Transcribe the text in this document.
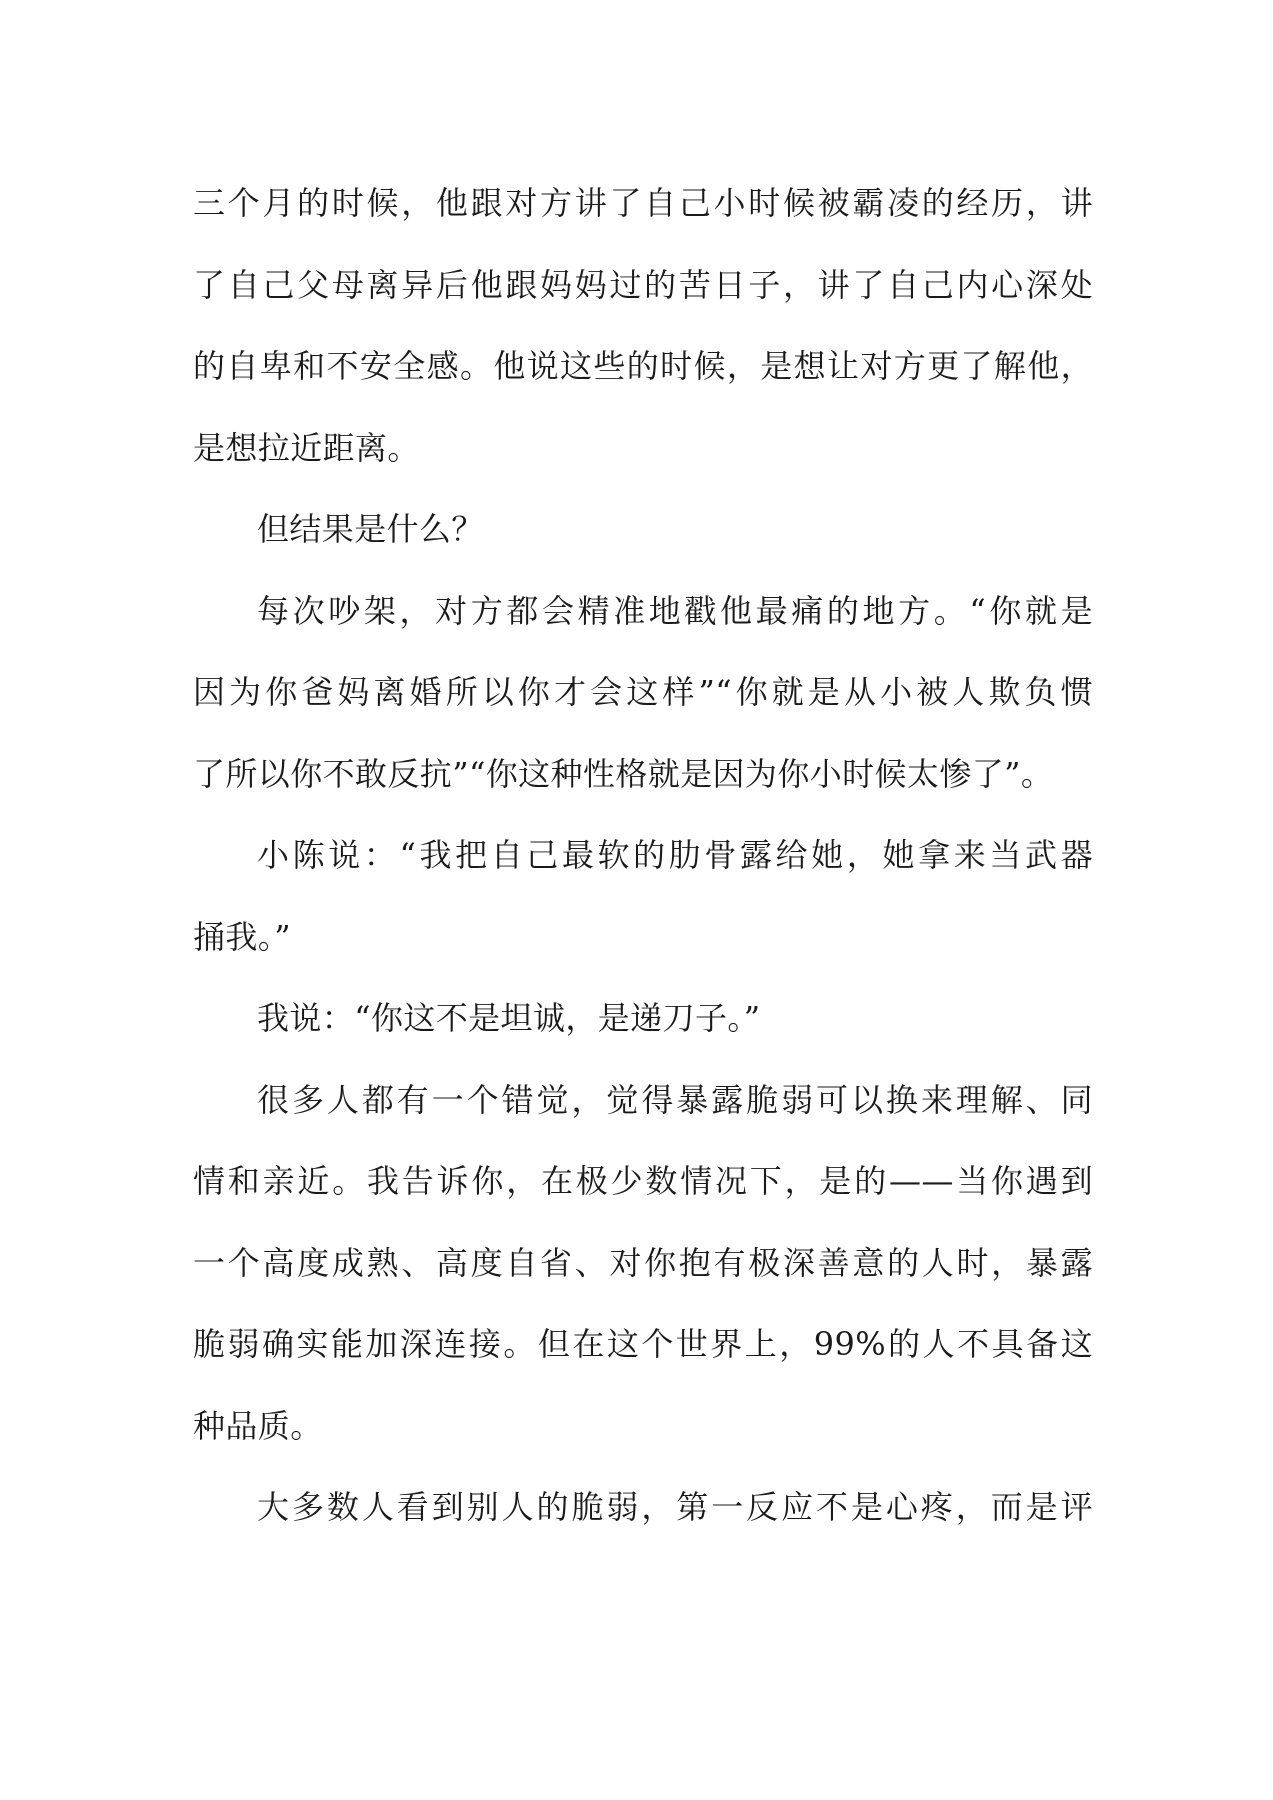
三个月的时候，他跟对方讲了自己小时候被霸凌的经历，讲
了自己父母离异后他跟妈妈过的苦日子，讲了自己内心深处
的自卑和不安全感。他说这些的时候，是想让对方更了解他，
是想拉近距离。
但结果是什么？
每次吵架，对方都会精准地戳他最痛的地方。“你就是
因为你爸妈离婚所以你才会这样”“你就是从小被人欺负惯
了所以你不敢反抗”“你这种性格就是因为你小时候太惨了”。
小陈说：“我把自己最软的肋骨露给她，她拿来当武器
捅我。”
我说：“你这不是坦诚，是递刀子。”
很多人都有一个错觉，觉得暴露脆弱可以换来理解、同
情和亲近。我告诉你，在极少数情况下，是的——当你遇到
一个高度成熟、高度自省、对你抱有极深善意的人时，暴露
脆弱确实能加深连接。但在这个世界上，99%的人不具备这
种品质。
大多数人看到别人的脆弱，第一反应不是心疼，而是评
